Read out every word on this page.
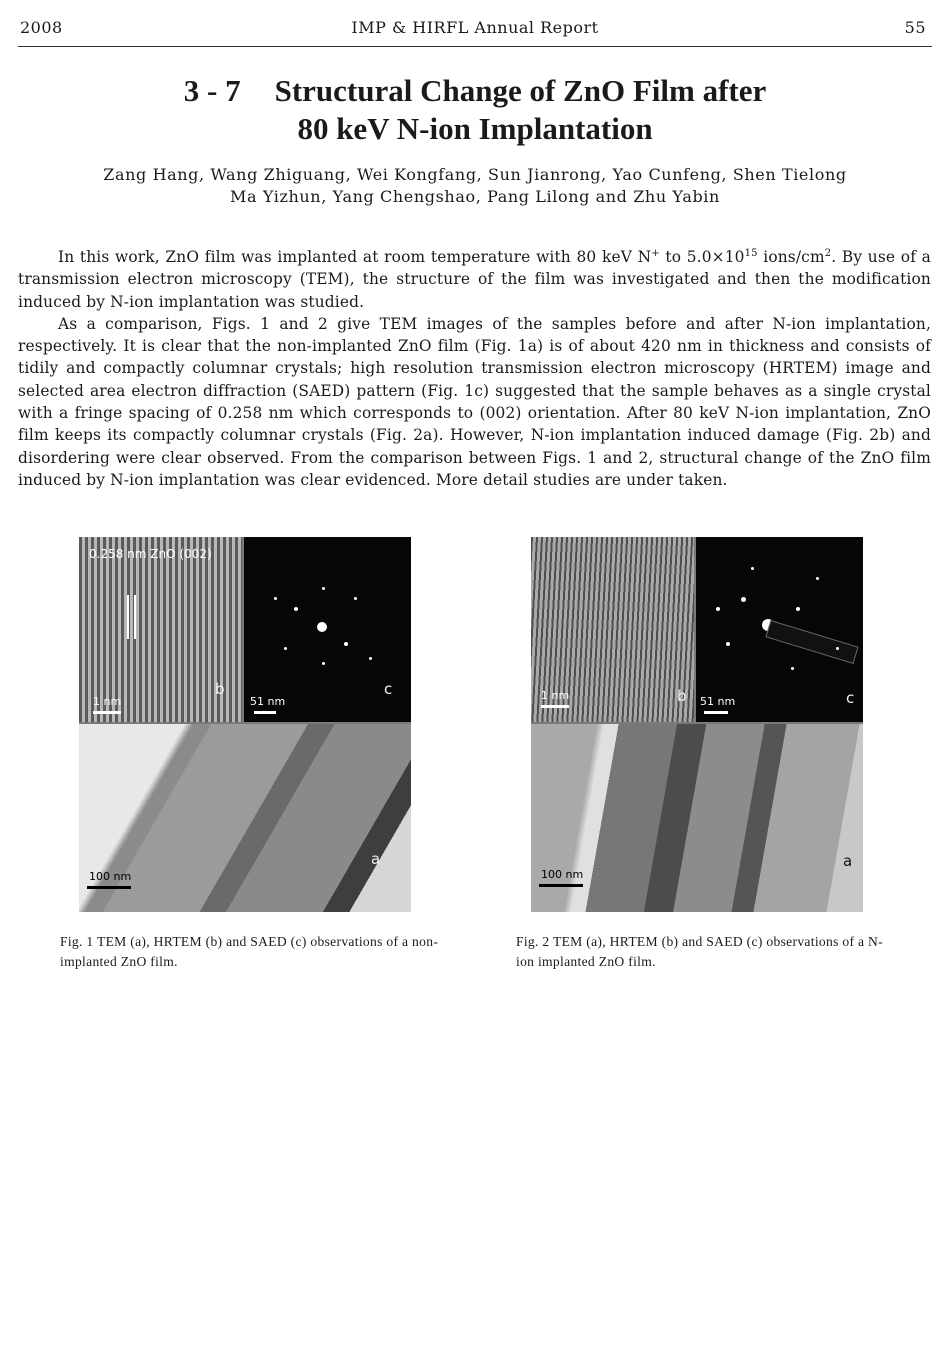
2008	IMP & HIRFL Annual Report	55
3 - 7 Structural Change of ZnO Film after
80 keV N-ion Implantation
Zang Hang, Wang Zhiguang, Wei Kongfang, Sun Jianrong, Yao Cunfeng, Shen Tielong
Ma Yizhun, Yang Chengshao, Pang Lilong and Zhu Yabin

In this work, ZnO film was implanted at room temperature with 80 keV N+ to $5.0\times 10^{15}$ ions/$cm^2$. By use of a transmission electron microscopy (TEM), the structure of the film was investigated and then the modification induced by N-ion implantation was studied.

As a comparison, Figs. 1 and 2 give TEM images of the samples before and after N-ion implantation, respectively. It is clear that the non-implanted ZnO film (Fig. 1a) is of about 420 nm in thickness and consists of tidily and compactly columnar crystals; high resolution transmission electron microscopy (HRTEM) image and selected area electron diffraction (SAED) pattern (Fig. 1c) suggested that the sample behaves as a single crystal with a fringe spacing of 0.258 nm which corresponds to (002) orientation. After 80 keV N-ion implantation, ZnO film keeps its compactly columnar crystals (Fig. 2a). However, N-ion implantation induced damage (Fig. 2b) and disordering were clear observed. From the comparison between Figs. 1 and 2, structural change of the ZnO film induced by N-ion implantation was clear evidenced. More detail studies are under taken.

0.258 nm ZnO (002)
1 nm
b
51 nm
c
100 nm
a
Fig. 1 TEM (a), HRTEM (b) and SAED (c) observations of a non-implanted ZnO film.
1 nm	b 51 nm	c
100 nm
a
Fig. 2 TEM (a), HRTEM (b) and SAED (c) observations of a N-ion implanted ZnO film.
